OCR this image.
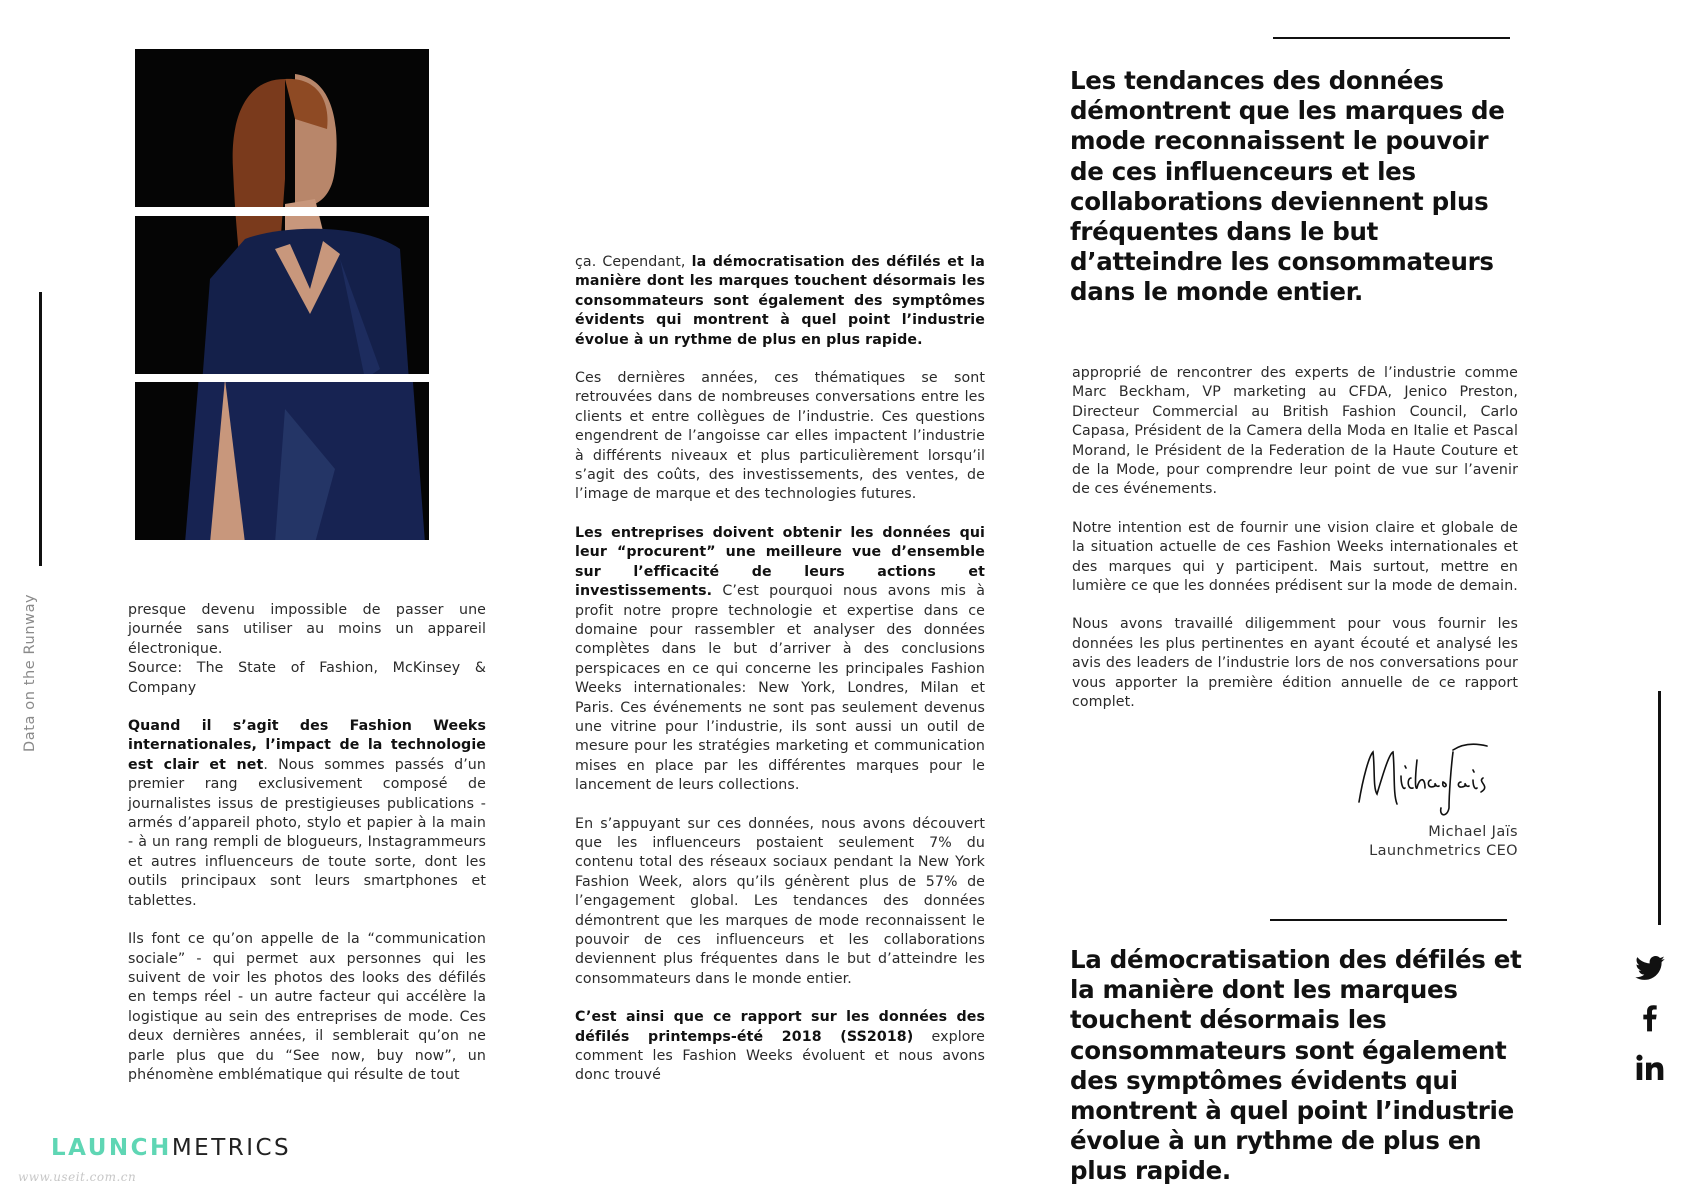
Data on the Runway	presque devenu impossible de passer une journée sans utiliser au moins un appareil électronique.

Source: The State of Fashion, McKinsey & Company

Quand il s’agit des Fashion Weeks internationales, l’impact de la technologie est clair et net. Nous sommes passés d’un premier rang exclusivement composé de journalistes issus de prestigieuses publications - armés d’appareil photo, stylo et papier à la main - à un rang rempli de blogueurs, Instagrammeurs et autres influenceurs de toute sorte, dont les outils principaux sont leurs smartphones et tablettes.

Ils font ce qu’on appelle de la “communication sociale” - qui permet aux personnes qui les suivent de voir les photos des looks des défilés en temps réel - un autre facteur qui accélère la logistique au sein des entreprises de mode. Ces deux dernières années, il semblerait qu’on ne parle plus que du “See now, buy now”, un phénomène emblématique qui résulte de tout

ça. Cependant, la démocratisation des défilés et la manière dont les marques touchent désormais les consommateurs sont également des symptômes évidents qui montrent à quel point l’industrie évolue à un rythme de plus en plus rapide.

Ces dernières années, ces thématiques se sont retrouvées dans de nombreuses conversations entre les clients et entre collègues de l’industrie. Ces questions engendrent de l’angoisse car elles impactent l’industrie à différents niveaux et plus particulièrement lorsqu’il s’agit des coûts, des investissements, des ventes, de l’image de marque et des technologies futures.

Les entreprises doivent obtenir les données qui leur “procurent” une meilleure vue d’ensemble sur l’efficacité de leurs actions et investissements. C’est pourquoi nous avons mis à profit notre propre technologie et expertise dans ce domaine pour rassembler et analyser des données complètes dans le but d’arriver à des conclusions perspicaces en ce qui concerne les principales Fashion Weeks internationales: New York, Londres, Milan et Paris. Ces événements ne sont pas seulement devenus une vitrine pour l’industrie, ils sont aussi un outil de mesure pour les stratégies marketing et communication mises en place par les différentes marques pour le lancement de leurs collections.

En s’appuyant sur ces données, nous avons découvert que les influenceurs postaient seulement 7% du contenu total des réseaux sociaux pendant la New York Fashion Week, alors qu’ils génèrent plus de 57% de l’engagement global. Les tendances des données démontrent que les marques de mode reconnaissent le pouvoir de ces influenceurs et les collaborations deviennent plus fréquentes dans le but d’atteindre les consommateurs dans le monde entier.

C’est ainsi que ce rapport sur les données des défilés printemps-été 2018 (SS2018) explore comment les Fashion Weeks évoluent et nous avons donc trouvé

Les tendances des données démontrent que les marques de mode reconnaissent le pouvoir de ces influenceurs et les collaborations deviennent plus fréquentes dans le but d’atteindre les consommateurs dans le monde entier.

approprié de rencontrer des experts de l’industrie comme Marc Beckham, VP marketing au CFDA, Jenico Preston, Directeur Commercial au British Fashion Council, Carlo Capasa, Président de la Camera della Moda en Italie et Pascal Morand, le Président de la Federation de la Haute Couture et de la Mode, pour comprendre leur point de vue sur l’avenir de ces événements.

Notre intention est de fournir une vision claire et globale de la situation actuelle de ces Fashion Weeks internationales et des marques qui y participent. Mais surtout, mettre en lumière ce que les données prédisent sur la mode de demain.

Nous avons travaillé diligemment pour vous fournir les données les plus pertinentes en ayant écouté et analysé les avis des leaders de l’industrie lors de nos conversations pour vous apporter la première édition annuelle de ce rapport complet.

Michael Jaïs
Launchmetrics CEO
La démocratisation des défilés et la manière dont les marques touchent désormais les consommateurs sont également des symptômes évidents qui montrent à quel point l’industrie évolue à un rythme de plus en plus rapide.
LAUNCHMETRICS
www.useit.com.cn
